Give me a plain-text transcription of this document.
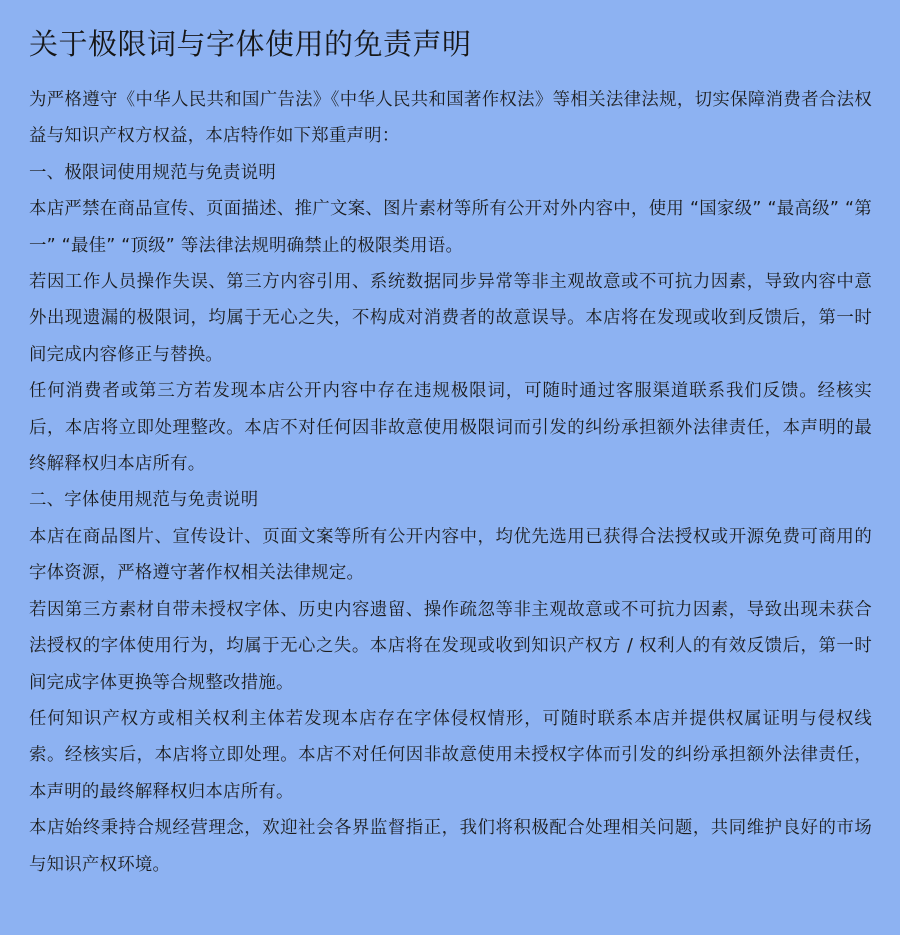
关于极限词与字体使用的免责声明

为严格遵守《中华人民共和国广告法》《中华人民共和国著作权法》等相关法律法规，切实保障消费者合法权益与知识产权方权益，本店特作如下郑重声明：

一、极限词使用规范与免责说明

本店严禁在商品宣传、页面描述、推广文案、图片素材等所有公开对外内容中，使用 “国家级” “最高级” “第一” “最佳” “顶级” 等法律法规明确禁止的极限类用语。

若因工作人员操作失误、第三方内容引用、系统数据同步异常等非主观故意或不可抗力因素，导致内容中意外出现遗漏的极限词，均属于无心之失，不构成对消费者的故意误导。本店将在发现或收到反馈后，第一时间完成内容修正与替换。

任何消费者或第三方若发现本店公开内容中存在违规极限词，可随时通过客服渠道联系我们反馈。经核实后，本店将立即处理整改。本店不对任何因非故意使用极限词而引发的纠纷承担额外法律责任，本声明的最终解释权归本店所有。

二、字体使用规范与免责说明

本店在商品图片、宣传设计、页面文案等所有公开内容中，均优先选用已获得合法授权或开源免费可商用的字体资源，严格遵守著作权相关法律规定。

若因第三方素材自带未授权字体、历史内容遗留、操作疏忽等非主观故意或不可抗力因素，导致出现未获合法授权的字体使用行为，均属于无心之失。本店将在发现或收到知识产权方 / 权利人的有效反馈后，第一时间完成字体更换等合规整改措施。

任何知识产权方或相关权利主体若发现本店存在字体侵权情形，可随时联系本店并提供权属证明与侵权线索。经核实后，本店将立即处理。本店不对任何因非故意使用未授权字体而引发的纠纷承担额外法律责任，本声明的最终解释权归本店所有。

本店始终秉持合规经营理念，欢迎社会各界监督指正，我们将积极配合处理相关问题，共同维护良好的市场与知识产权环境。
